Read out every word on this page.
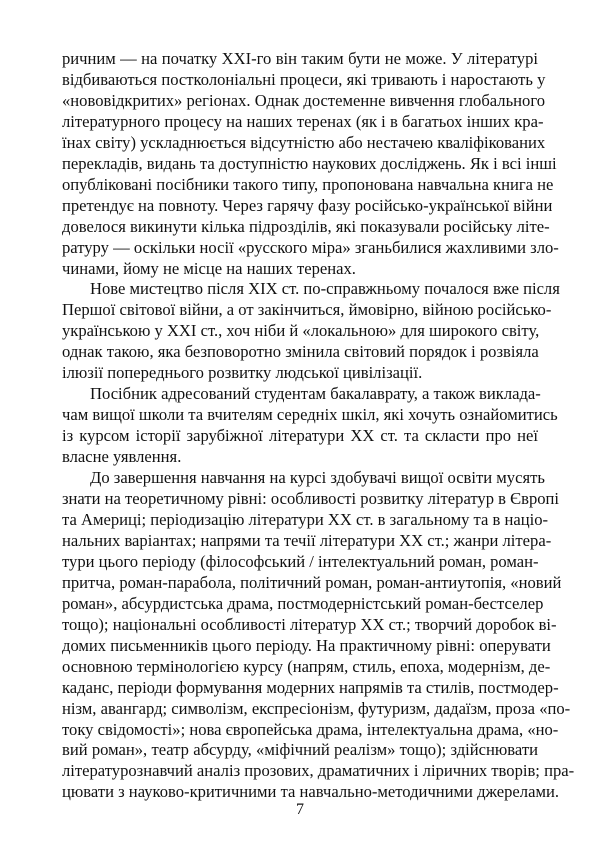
ричним — на початку XXI-го він таким бути не може. У літературі
відбиваються постколоніальні процеси, які тривають і наростають у
«нововідкритих» регіонах. Однак достеменне вивчення глобального
літературного процесу на наших теренах (як і в багатьох інших кра-
їнах світу) ускладнюється відсутністю або нестачею кваліфікованих
перекладів, видань та доступністю наукових досліджень. Як і всі інші
опубліковані посібники такого типу, пропонована навчальна книга не
претендує на повноту. Через гарячу фазу російсько-української війни
довелося викинути кілька підрозділів, які показували російську літе-
ратуру — оскільки носії «русского міра» зганьбилися жахливими зло-
чинами, йому не місце на наших теренах.

Нове мистецтво після XIX ст. по-справжньому почалося вже після
Першої світової війни, а от закінчиться, ймовірно, війною російсько-
українською у XXI ст., хоч ніби й «локальною» для широкого світу,
однак такою, яка безповоротно змінила світовий порядок і розвіяла
ілюзії попереднього розвитку людської цивілізації.

Посібник адресований студентам бакалаврату, а також виклада-
чам вищої школи та вчителям середніх шкіл, які хочуть ознайомитись
із курсом історії зарубіжної літератури XX ст. та скласти про неї
власне уявлення.

До завершення навчання на курсі здобувачі вищої освіти мусять
знати на теоретичному рівні: особливості розвитку літератур в Європі
та Америці; періодизацію літератури XX ст. в загальному та в націо-
нальних варіантах; напрями та течії літератури XX ст.; жанри літера-
тури цього періоду (філософський / інтелектуальний роман, роман-
притча, роман-парабола, політичний роман, роман-антиутопія, «новий
роман», абсурдистська драма, постмодерністський роман-бестселер
тощо); національні особливості літератур XX ст.; творчий доробок ві-
домих письменників цього періоду. На практичному рівні: оперувати
основною термінологією курсу (напрям, стиль, епоха, модернізм, де-
каданс, періоди формування модерних напрямів та стилів, постмодер-
нізм, авангард; символізм, експресіонізм, футуризм, дадаїзм, проза «по-
току свідомості»; нова європейська драма, інтелектуальна драма, «но-
вий роман», театр абсурду, «міфічний реалізм» тощо); здійснювати
літературознавчий аналіз прозових, драматичних і ліричних творів; пра-
цювати з науково-критичними та навчально-методичними джерелами.

7
